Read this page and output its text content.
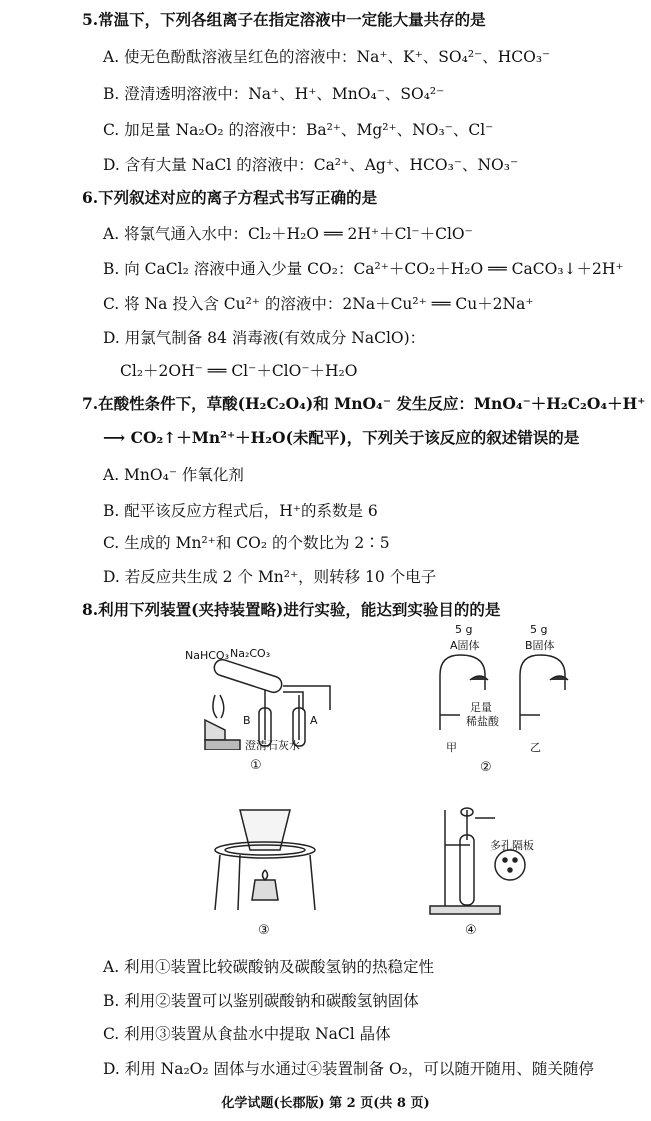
5.常温下，下列各组离子在指定溶液中一定能大量共存的是
A. 使无色酚酞溶液呈红色的溶液中：Na⁺、K⁺、SO₄²⁻、HCO₃⁻
B. 澄清透明溶液中：Na⁺、H⁺、MnO₄⁻、SO₄²⁻
C. 加足量 Na₂O₂ 的溶液中：Ba²⁺、Mg²⁺、NO₃⁻、Cl⁻
D. 含有大量 NaCl 的溶液中：Ca²⁺、Ag⁺、HCO₃⁻、NO₃⁻
6.下列叙述对应的离子方程式书写正确的是
A. 将氯气通入水中：Cl₂＋H₂O ══ 2H⁺＋Cl⁻＋ClO⁻
B. 向 CaCl₂ 溶液中通入少量 CO₂：Ca²⁺＋CO₂＋H₂O ══ CaCO₃↓＋2H⁺
C. 将 Na 投入含 Cu²⁺ 的溶液中：2Na＋Cu²⁺ ══ Cu＋2Na⁺
D. 用氯气制备 84 消毒液(有效成分 NaClO)：
Cl₂＋2OH⁻ ══ Cl⁻＋ClO⁻＋H₂O
7.在酸性条件下，草酸(H₂C₂O₄)和 MnO₄⁻ 发生反应：MnO₄⁻＋H₂C₂O₄＋H⁺
⟶ CO₂↑＋Mn²⁺＋H₂O(未配平)，下列关于该反应的叙述错误的是
A. MnO₄⁻ 作氧化剂
B. 配平该反应方程式后，H⁺的系数是 6
C. 生成的 Mn²⁺和 CO₂ 的个数比为 2∶5
D. 若反应共生成 2 个 Mn²⁺，则转移 10 个电子
8.利用下列装置(夹持装置略)进行实验，能达到实验目的的是
NaHCO₃ Na₂CO₃
B	A
澄清石灰水
①
5 g
A固体
5 g
B固体
足量
稀盐酸
甲	乙
②
③
多孔隔板
④
A. 利用①装置比较碳酸钠及碳酸氢钠的热稳定性
B. 利用②装置可以鉴别碳酸钠和碳酸氢钠固体
C. 利用③装置从食盐水中提取 NaCl 晶体
D. 利用 Na₂O₂ 固体与水通过④装置制备 O₂，可以随开随用、随关随停
化学试题(长郡版) 第 2 页(共 8 页)
